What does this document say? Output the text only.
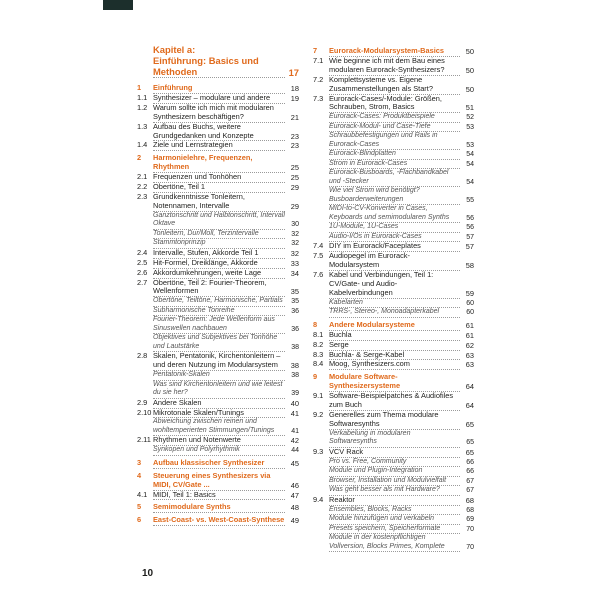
Kapitel a:
Einführung: Basics und Methoden	17
1	Einführung	18
1.1 Synthesizer – modulare und andere	19
1.2 Warum sollte ich mich mit modularen Synthesizern beschäftigen?	21
1.3 Aufbau des Buchs, weitere Grundgedanken und Konzepte	23
1.4 Ziele und Lernstrategien	23
2	Harmonielehre, Frequenzen, Rhythmen	25
2.1 Frequenzen und Tonhöhen	25
2.2 Obertöne, Teil 1	29
2.3 Grundkenntnisse Tonleitern, Notennamen, Intervalle	29
Ganztonschritt und Halbtonschritt, Intervall Oktave	30
Tonleitern, Dur/Moll, Terzintervalle	32
Stammtonprinzip	32
2.4 Intervalle, Stufen, Akkorde Teil 1	32
2.5 Hit-Formel, Dreiklänge, Akkorde	33
2.6 Akkordumkehrungen, weite Lage	34
2.7 Obertöne, Teil 2: Fourier-Theorem, Wellenformen	35
Obertöne, Teiltöne, Harmonische, Partials	35
Subharmonische Tonreihe	36
Fourier-Theorem: Jede Wellenform aus Sinuswellen nachbauen	36
Objektives und Subjektives bei Tonhöhe und Lautstärke	38
2.8 Skalen, Pentatonik, Kirchentonleitern – und deren Nutzung im Modularsystem	38
Pentatonik-Skalen	38
Was sind Kirchentonleitern und wie leitest du sie her?	39
2.9 Andere Skalen	40
2.10 Mikrotonale Skalen/Tunings	41
Abweichung zwischen reinen und wohltemperierten Stimmungen/Tunings	41
2.11 Rhythmen und Notenwerte	42
Synkopen und Polyrhythmik	44
3	Aufbau klassischer Synthesizer	45
4	Steuerung eines Synthesizers via MIDI, CV/Gate ...	46
4.1 MIDI, Teil 1: Basics	47
5	Semimodulare Synths	48
6	East-Coast- vs. West-Coast-Synthese 49
7	Eurorack-Modularsystem-Basics	50
7.1 Wie beginne ich mit dem Bau eines modularen Eurorack-Synthesizers?	50
7.2 Komplettsysteme vs. Eigene Zusammenstellungen als Start?	50
7.3 Eurorack-Cases/-Module: Größen, Schrauben, Strom, Basics	51
Eurorack-Cases: Produktbeispiele	52
Eurorack-Modul- und Case-Tiefe	53
Schraubbefestigungen und Rails in Eurorack-Cases	53
Eurorack-Blindplatten	54
Strom in Eurorack-Cases	54
Eurorack-Busboards, -Flachbandkabel und -Stecker	54
Wie viel Strom wird benötigt?
Busboarderweiterungen	55
MIDI-to-CV-Konverter in Cases, Keyboards und semimodularen Synths	56
1U-Module, 1U-Cases	56
Audio-I/Os in Eurorack-Cases	57
7.4 DIY im Eurorack/Faceplates	57
7.5 Audiopegel im Eurorack-Modularsystem	58
7.6 Kabel und Verbindungen, Teil 1: CV/Gate- und Audio-Kabelverbindungen	59
Kabelarten	60
TRRS-, Stereo-, Monoadapterkabel	60
8	Andere Modularsysteme	61
8.1 Buchla	61
8.2 Serge	62
8.3 Buchla- & Serge-Kabel	63
8.4 Moog, Synthesizers.com	63
9	Modulare Software-Synthesizersysteme	64
9.1 Software-Beispielpatches & Audiofiles zum Buch	64
9.2 Generelles zum Thema modulare Softwaresynths	65
Verkabelung in modularen Softwaresynths	65
9.3 VCV Rack	65
Pro vs. Free, Community	66
Module und Plugin-Integration	66
Browser, Installation und Modulvielfalt	67
Was geht besser als mit Hardware?	67
9.4 Reaktor	68
Ensembles, Blocks, Racks	68
Module hinzufügen und verkabeln	69
Presets speichern, Speicherformate	70
Module in der kostenpflichtigen Vollversion, Blocks Primes, Komplete	70
10
